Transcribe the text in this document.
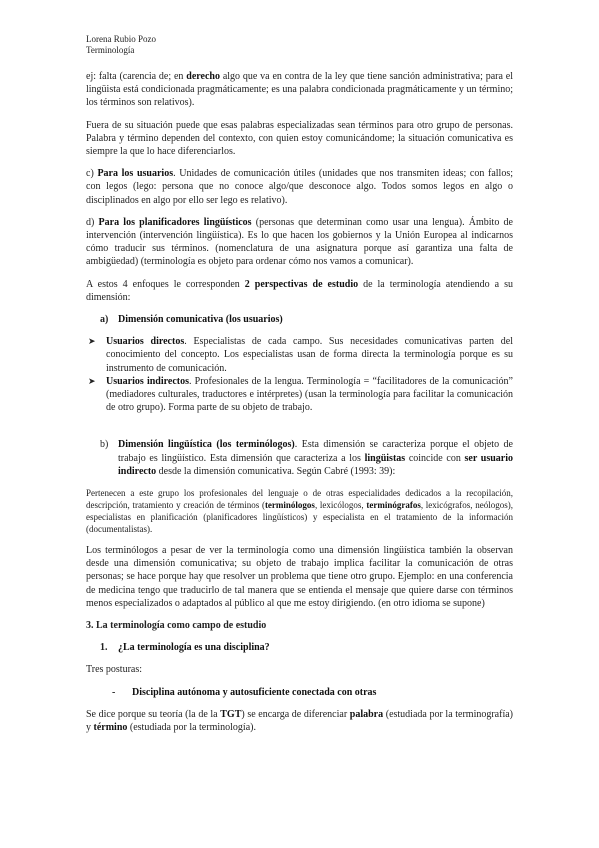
Lorena Rubio Pozo
Terminología

ej: falta (carencia de; en derecho algo que va en contra de la ley que tiene sanción administrativa; para el lingüista está condicionada pragmáticamente; es una palabra condicionada pragmáticamente y un término; los términos son relativos).

Fuera de su situación puede que esas palabras especializadas sean términos para otro grupo de personas. Palabra y término dependen del contexto, con quien estoy comunicándome; la situación comunicativa es siempre la que lo hace diferenciarlos.

c) Para los usuarios. Unidades de comunicación útiles (unidades que nos transmiten ideas; con fallos; con legos (lego: persona que no conoce algo/que desconoce algo. Todos somos legos en algo o disciplinados en algo por ello ser lego es relativo).

d) Para los planificadores lingüísticos (personas que determinan como usar una lengua). Ámbito de intervención (intervención lingüística). Es lo que hacen los gobiernos y la Unión Europea al indicarnos cómo traducir sus términos. (nomenclatura de una asignatura porque así garantiza una falta de ambigüedad) (terminología es objeto para ordenar cómo nos vamos a comunicar).

A estos 4 enfoques le corresponden 2 perspectivas de estudio de la terminología atendiendo a su dimensión:

a) Dimensión comunicativa (los usuarios)
➤	Usuarios directos. Especialistas de cada campo. Sus necesidades comunicativas parten del conocimiento del concepto. Los especialistas usan de forma directa la terminología porque es su instrumento de comunicación.
➤	Usuarios indirectos. Profesionales de la lengua. Terminología = “facilitadores de la comunicación” (mediadores culturales, traductores e intérpretes) (usan la terminología para facilitar la comunicación de otro grupo). Forma parte de su objeto de trabajo.
b) Dimensión lingüística (los terminólogos). Esta dimensión se caracteriza porque el objeto de trabajo es lingüístico. Esta dimensión que caracteriza a los lingüistas coincide con ser usuario indirecto desde la dimensión comunicativa. Según Cabré (1993: 39):

Pertenecen a este grupo los profesionales del lenguaje o de otras especialidades dedicados a la recopilación, descripción, tratamiento y creación de términos (terminólogos, lexicólogos, terminógrafos, lexicógrafos, neólogos), especialistas en planificación (planificadores lingüísticos) y especialista en el tratamiento de la información (documentalistas).

Los terminólogos a pesar de ver la terminología como una dimensión lingüística también la observan desde una dimensión comunicativa; su objeto de trabajo implica facilitar la comunicación de otras personas; se hace porque hay que resolver un problema que tiene otro grupo. Ejemplo: en una conferencia de medicina tengo que traducirlo de tal manera que se entienda el mensaje que quiere darse con términos menos especializados o adaptados al público al que me estoy dirigiendo. (en otro idioma se supone)

3. La terminología como campo de estudio
1.	¿La terminología es una disciplina?

Tres posturas:

-	Disciplina autónoma y autosuficiente conectada con otras

Se dice porque su teoría (la de la TGT) se encarga de diferenciar palabra (estudiada por la terminografía) y término (estudiada por la terminología).
